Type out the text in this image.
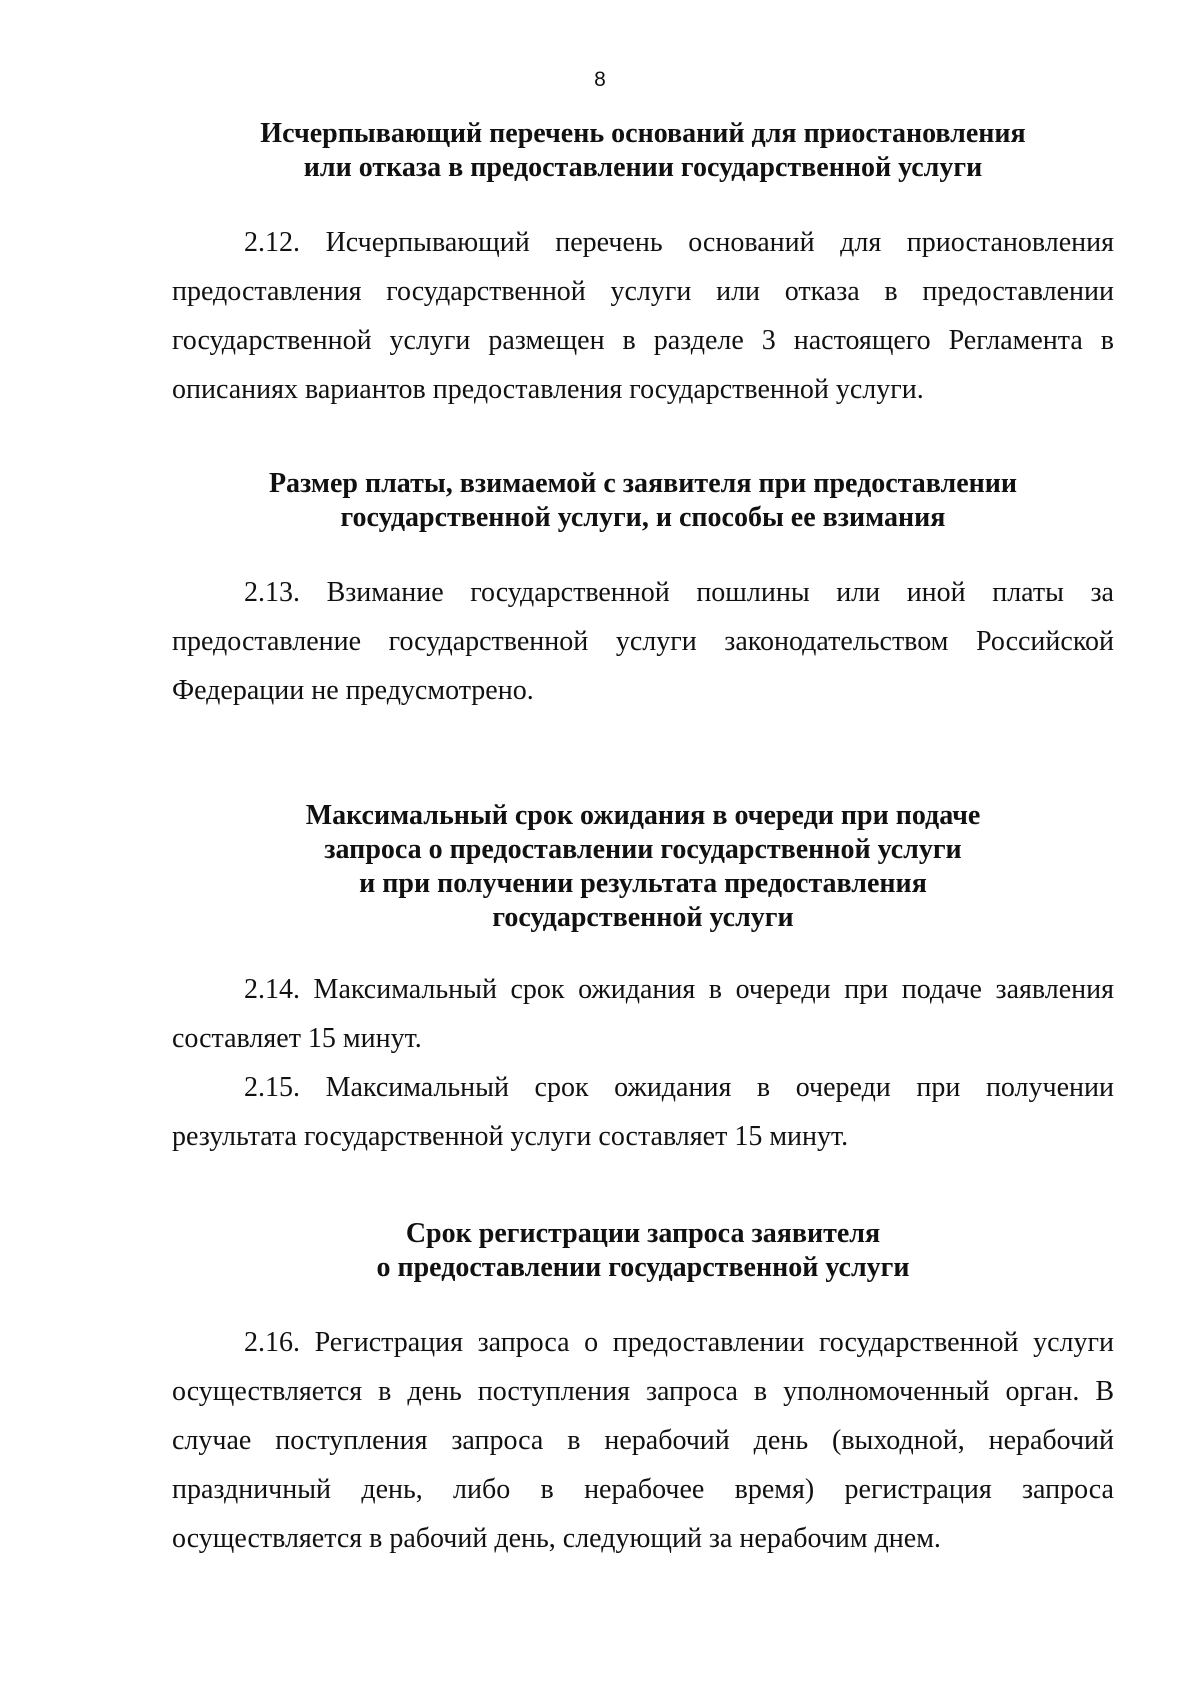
8

Исчерпывающий перечень оснований для приостановления
или отказа в предоставлении государственной услуги

2.12. Исчерпывающий перечень оснований для приостановления предоставления государственной услуги или отказа в предоставлении государственной услуги размещен в разделе 3 настоящего Регламента в описаниях вариантов предоставления государственной услуги.

Размер платы, взимаемой с заявителя при предоставлении
государственной услуги, и способы ее взимания

2.13. Взимание государственной пошлины или иной платы за предоставление государственной услуги законодательством Российской Федерации не предусмотрено.

Максимальный срок ожидания в очереди при подаче
запроса о предоставлении государственной услуги
и при получении результата предоставления
государственной услуги

2.14. Максимальный срок ожидания в очереди при подаче заявления составляет 15 минут.

2.15. Максимальный срок ожидания в очереди при получении результата государственной услуги составляет 15 минут.

Срок регистрации запроса заявителя
о предоставлении государственной услуги

2.16. Регистрация запроса о предоставлении государственной услуги осуществляется в день поступления запроса в уполномоченный орган. В случае поступления запроса в нерабочий день (выходной, нерабочий праздничный день, либо в нерабочее время) регистрация запроса осуществляется в рабочий день, следующий за нерабочим днем.
